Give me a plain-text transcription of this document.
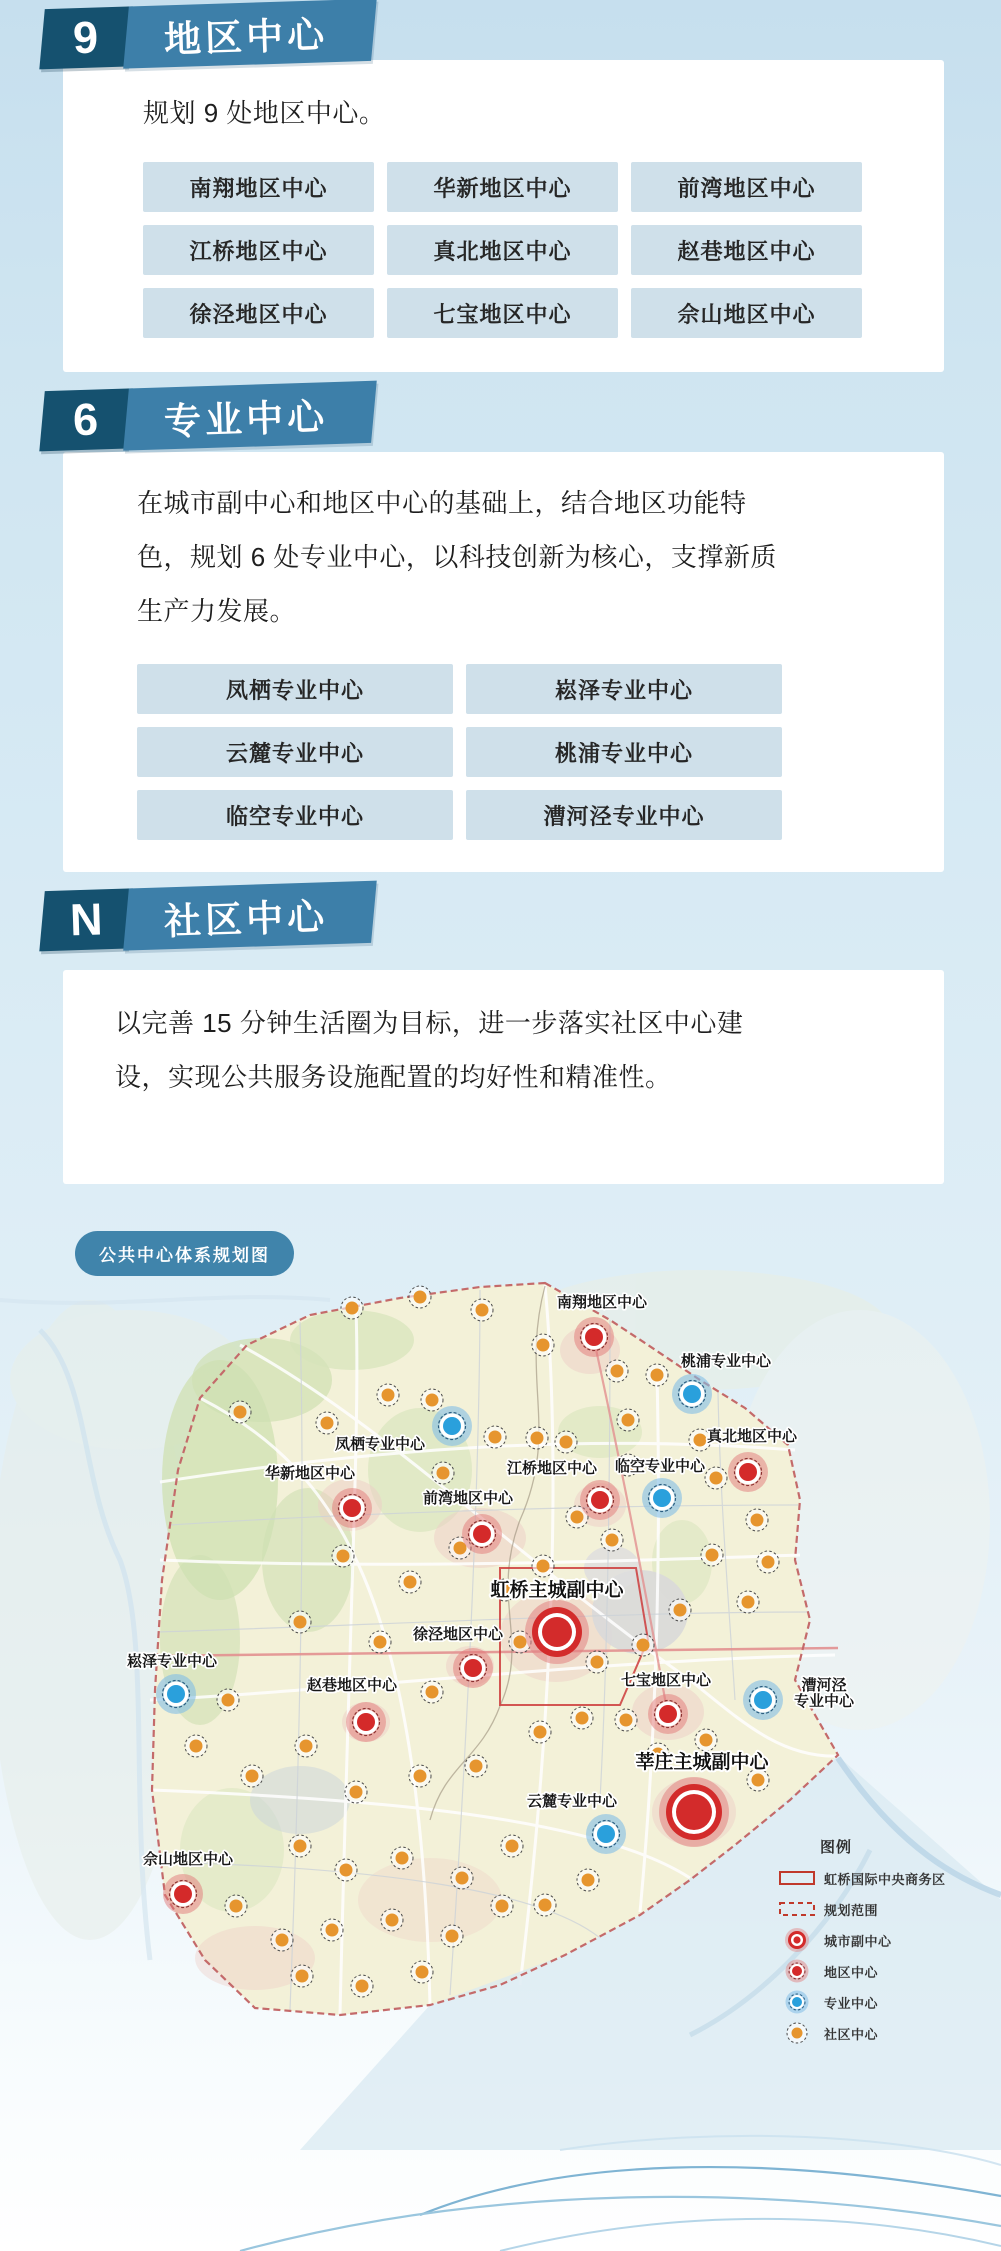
南翔地区中心
真北地区中心
华新地区中心	江桥地区中心
前湾地区中心
徐泾地区中心
赵巷地区中心	七宝地区中心
佘山地区中心
桃浦专业中心
凤栖专业中心
临空专业中心
崧泽专业中心
漕河泾专业中心
云麓专业中心
虹桥主城副中心
莘庄主城副中心
9 地区中心

规划 9 处地区中心。

南翔地区中心	华新地区中心	前湾地区中心
江桥地区中心	真北地区中心	赵巷地区中心
徐泾地区中心	七宝地区中心	佘山地区中心
6 专业中心

在城市副中心和地区中心的基础上，结合地区功能特色，规划 6 处专业中心，以科技创新为核心，支撑新质生产力发展。

凤栖专业中心	崧泽专业中心
云麓专业中心	桃浦专业中心
临空专业中心	漕河泾专业中心
N 社区中心

以完善 15 分钟生活圈为目标，进一步落实社区中心建设，实现公共服务设施配置的均好性和精准性。

公共中心体系规划图
图例
虹桥国际中央商务区
规划范围
城市副中心
地区中心
专业中心
社区中心
